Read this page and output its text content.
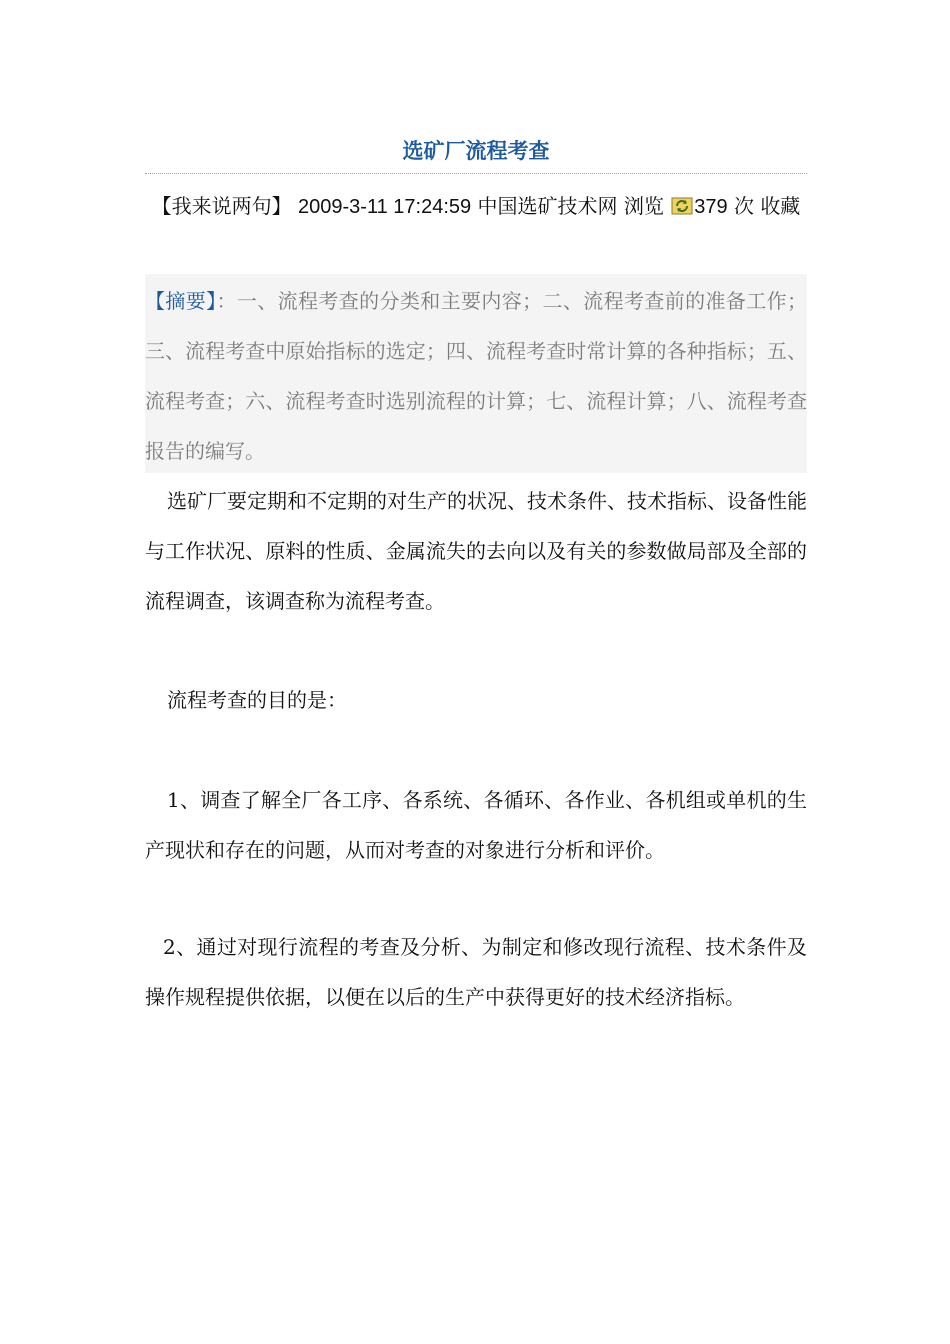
选矿厂流程考查
【我来说两句】 2009-3-11 17:24:59 中国选矿技术网 浏览 379 次 收藏

【摘要】：一、流程考查的分类和主要内容；二、流程考查前的准备工作；三、流程考查中原始指标的选定；四、流程考查时常计算的各种指标；五、流程考查；六、流程考查时选别流程的计算；七、流程计算；八、流程考查报告的编写。

选矿厂要定期和不定期的对生产的状况、技术条件、技术指标、设备性能与工作状况、原料的性质、金属流失的去向以及有关的参数做局部及全部的流程调查，该调查称为流程考查。

流程考查的目的是：

1、调查了解全厂各工序、各系统、各循环、各作业、各机组或单机的生产现状和存在的问题，从而对考查的对象进行分析和评价。

2、通过对现行流程的考查及分析、为制定和修改现行流程、技术条件及操作规程提供依据，以便在以后的生产中获得更好的技术经济指标。
